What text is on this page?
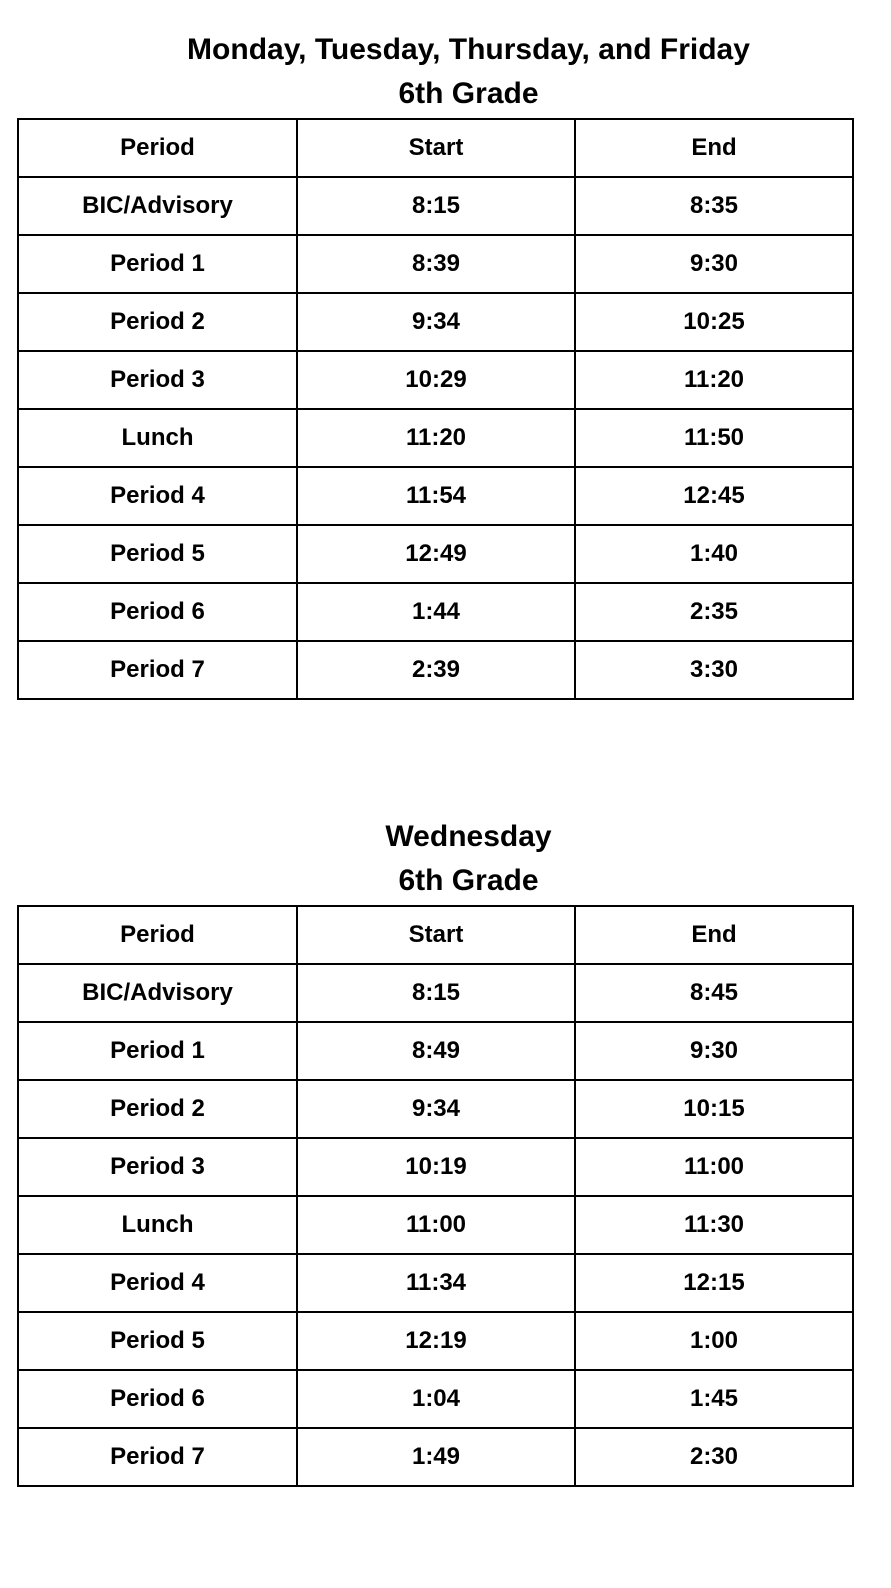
Monday, Tuesday, Thursday, and Friday
6th Grade
Period	Start	End
BIC/Advisory	8:15	8:35
Period 1	8:39	9:30
Period 2	9:34	10:25
Period 3	10:29	11:20
Lunch	11:20	11:50
Period 4	11:54	12:45
Period 5	12:49	1:40
Period 6	1:44	2:35
Period 7	2:39	3:30
Wednesday
6th Grade
Period	Start	End
BIC/Advisory	8:15	8:45
Period 1	8:49	9:30
Period 2	9:34	10:15
Period 3	10:19	11:00
Lunch	11:00	11:30
Period 4	11:34	12:15
Period 5	12:19	1:00
Period 6	1:04	1:45
Period 7	1:49	2:30
